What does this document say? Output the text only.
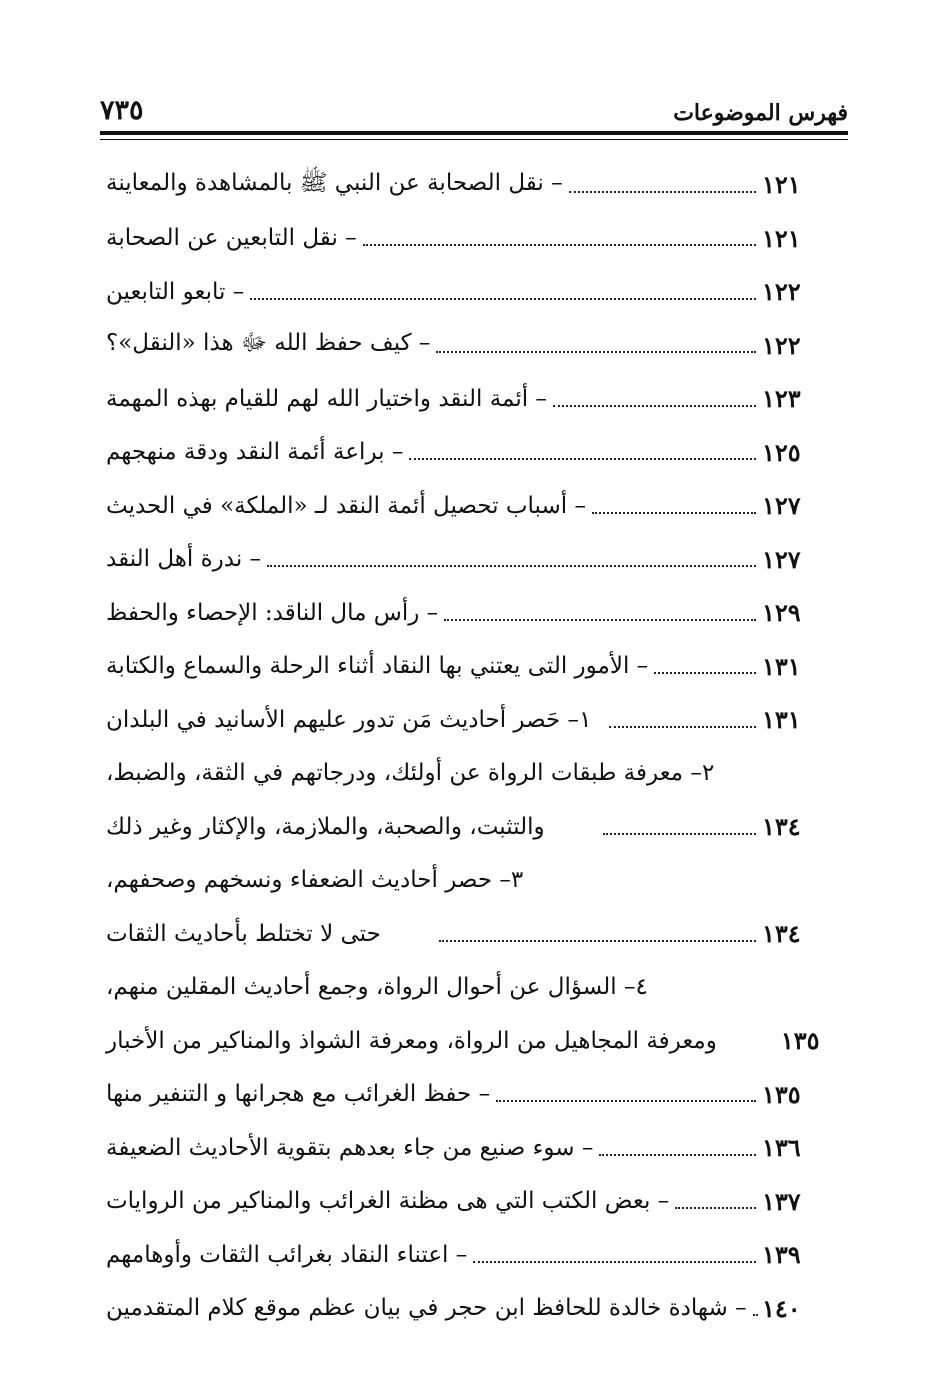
٧٣٥	فهرس الموضوعات
– نقل الصحابة عن النبي ﷺ بالمشاهدة والمعاينة	١٢١
– نقل التابعين عن الصحابة	١٢١
– تابعو التابعين	١٢٢
– كيف حفظ الله ﷻ هذا «النقل»؟	١٢٢
– أئمة النقد واختيار الله لهم للقيام بهذه المهمة	١٢٣
– براعة أئمة النقد ودقة منهجهم	١٢٥
– أسباب تحصيل أئمة النقد لـ «الملكة» في الحديث	١٢٧
– ندرة أهل النقد	١٢٧
– رأس مال الناقد: الإحصاء والحفظ	١٢٩
– الأمور التى يعتني بها النقاد أثناء الرحلة والسماع والكتابة	١٣١
١– حَصر أحاديث مَن تدور عليهم الأسانيد في البلدان	١٣١
٢– معرفة طبقات الرواة عن أولئك، ودرجاتهم في الثقة، والضبط،
والتثبت، والصحبة، والملازمة، والإكثار وغير ذلك	١٣٤
٣– حصر أحاديث الضعفاء ونسخهم وصحفهم،
حتى لا تختلط بأحاديث الثقات	١٣٤
٤– السؤال عن أحوال الرواة، وجمع أحاديث المقلين منهم،
ومعرفة المجاهيل من الرواة، ومعرفة الشواذ والمناكير من الأخبار	١٣٥
– حفظ الغرائب مع هجرانها و التنفير منها	١٣٥
– سوء صنيع من جاء بعدهم بتقوية الأحاديث الضعيفة	١٣٦
– بعض الكتب التي هى مظنة الغرائب والمناكير من الروايات	١٣٧
– اعتناء النقاد بغرائب الثقات وأوهامهم	١٣٩
– شهادة خالدة للحافظ ابن حجر في بيان عظم موقع كلام المتقدمين ١٤٠
